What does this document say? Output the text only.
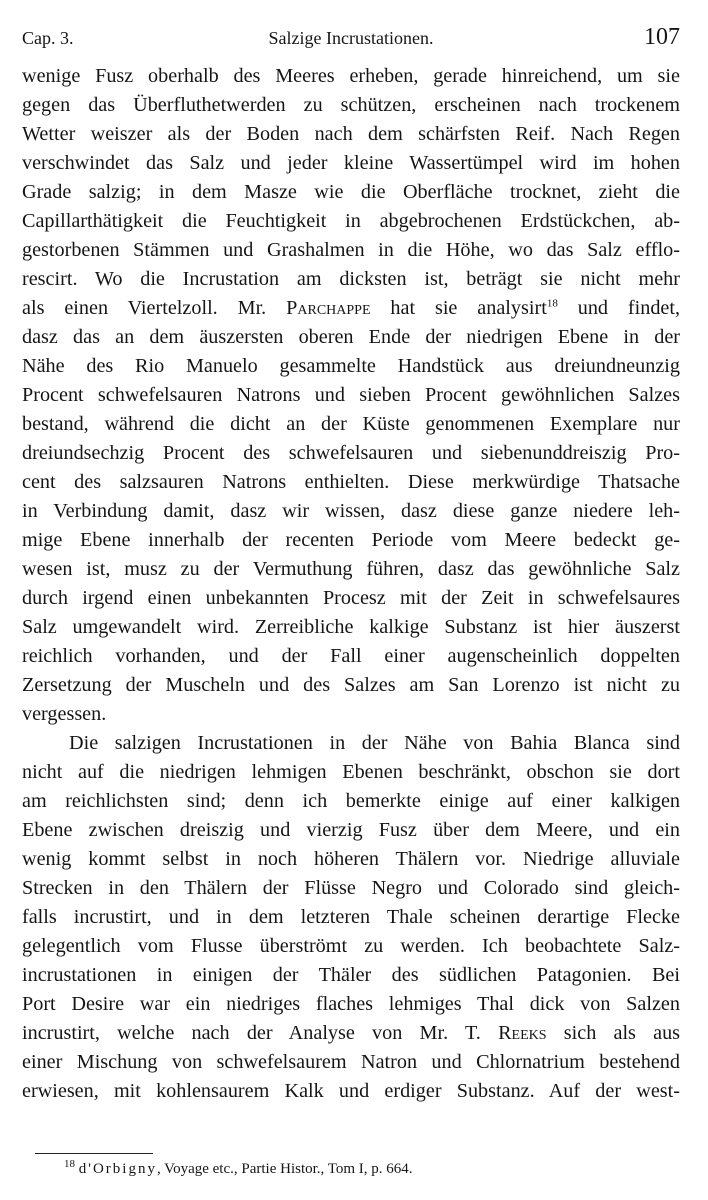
Cap. 3.	Salzige Incrustationen.	107
wenige Fusz oberhalb des Meeres erheben, gerade hinreichend, um sie
gegen das Überfluthetwerden zu schützen, erscheinen nach trockenem
Wetter weiszer als der Boden nach dem schärfsten Reif. Nach Regen
verschwindet das Salz und jeder kleine Wassertümpel wird im hohen
Grade salzig; in dem Masze wie die Oberfläche trocknet, zieht die
Capillarthätigkeit die Feuchtigkeit in abgebrochenen Erdstückchen, ab-
gestorbenen Stämmen und Grashalmen in die Höhe, wo das Salz efflo-
rescirt. Wo die Incrustation am dicksten ist, beträgt sie nicht mehr
als einen Viertelzoll. Mr. Parchappe hat sie analysirt$^{18}$ und findet,
dasz das an dem äuszersten oberen Ende der niedrigen Ebene in der
Nähe des Rio Manuelo gesammelte Handstück aus dreiundneunzig
Procent schwefelsauren Natrons und sieben Procent gewöhnlichen Salzes
bestand, während die dicht an der Küste genommenen Exemplare nur
dreiundsechzig Procent des schwefelsauren und siebenunddreiszig Pro-
cent des salzsauren Natrons enthielten. Diese merkwürdige Thatsache
in Verbindung damit, dasz wir wissen, dasz diese ganze niedere leh-
mige Ebene innerhalb der recenten Periode vom Meere bedeckt ge-
wesen ist, musz zu der Vermuthung führen, dasz das gewöhnliche Salz
durch irgend einen unbekannten Procesz mit der Zeit in schwefelsaures
Salz umgewandelt wird. Zerreibliche kalkige Substanz ist hier äuszerst
reichlich vorhanden, und der Fall einer augenscheinlich doppelten
Zersetzung der Muscheln und des Salzes am San Lorenzo ist nicht zu
vergessen.
Die salzigen Incrustationen in der Nähe von Bahia Blanca sind
nicht auf die niedrigen lehmigen Ebenen beschränkt, obschon sie dort
am reichlichsten sind; denn ich bemerkte einige auf einer kalkigen
Ebene zwischen dreiszig und vierzig Fusz über dem Meere, und ein
wenig kommt selbst in noch höheren Thälern vor. Niedrige alluviale
Strecken in den Thälern der Flüsse Negro und Colorado sind gleich-
falls incrustirt, und in dem letzteren Thale scheinen derartige Flecke
gelegentlich vom Flusse überströmt zu werden. Ich beobachtete Salz-
incrustationen in einigen der Thäler des südlichen Patagonien. Bei
Port Desire war ein niedriges flaches lehmiges Thal dick von Salzen
incrustirt, welche nach der Analyse von Mr. T. Reeks sich als aus
einer Mischung von schwefelsaurem Natron und Chlornatrium bestehend
erwiesen, mit kohlensaurem Kalk und erdiger Substanz. Auf der west-
$^{18}$ d'Orbigny, Voyage etc., Partie Histor., Tom I, p. 664.
